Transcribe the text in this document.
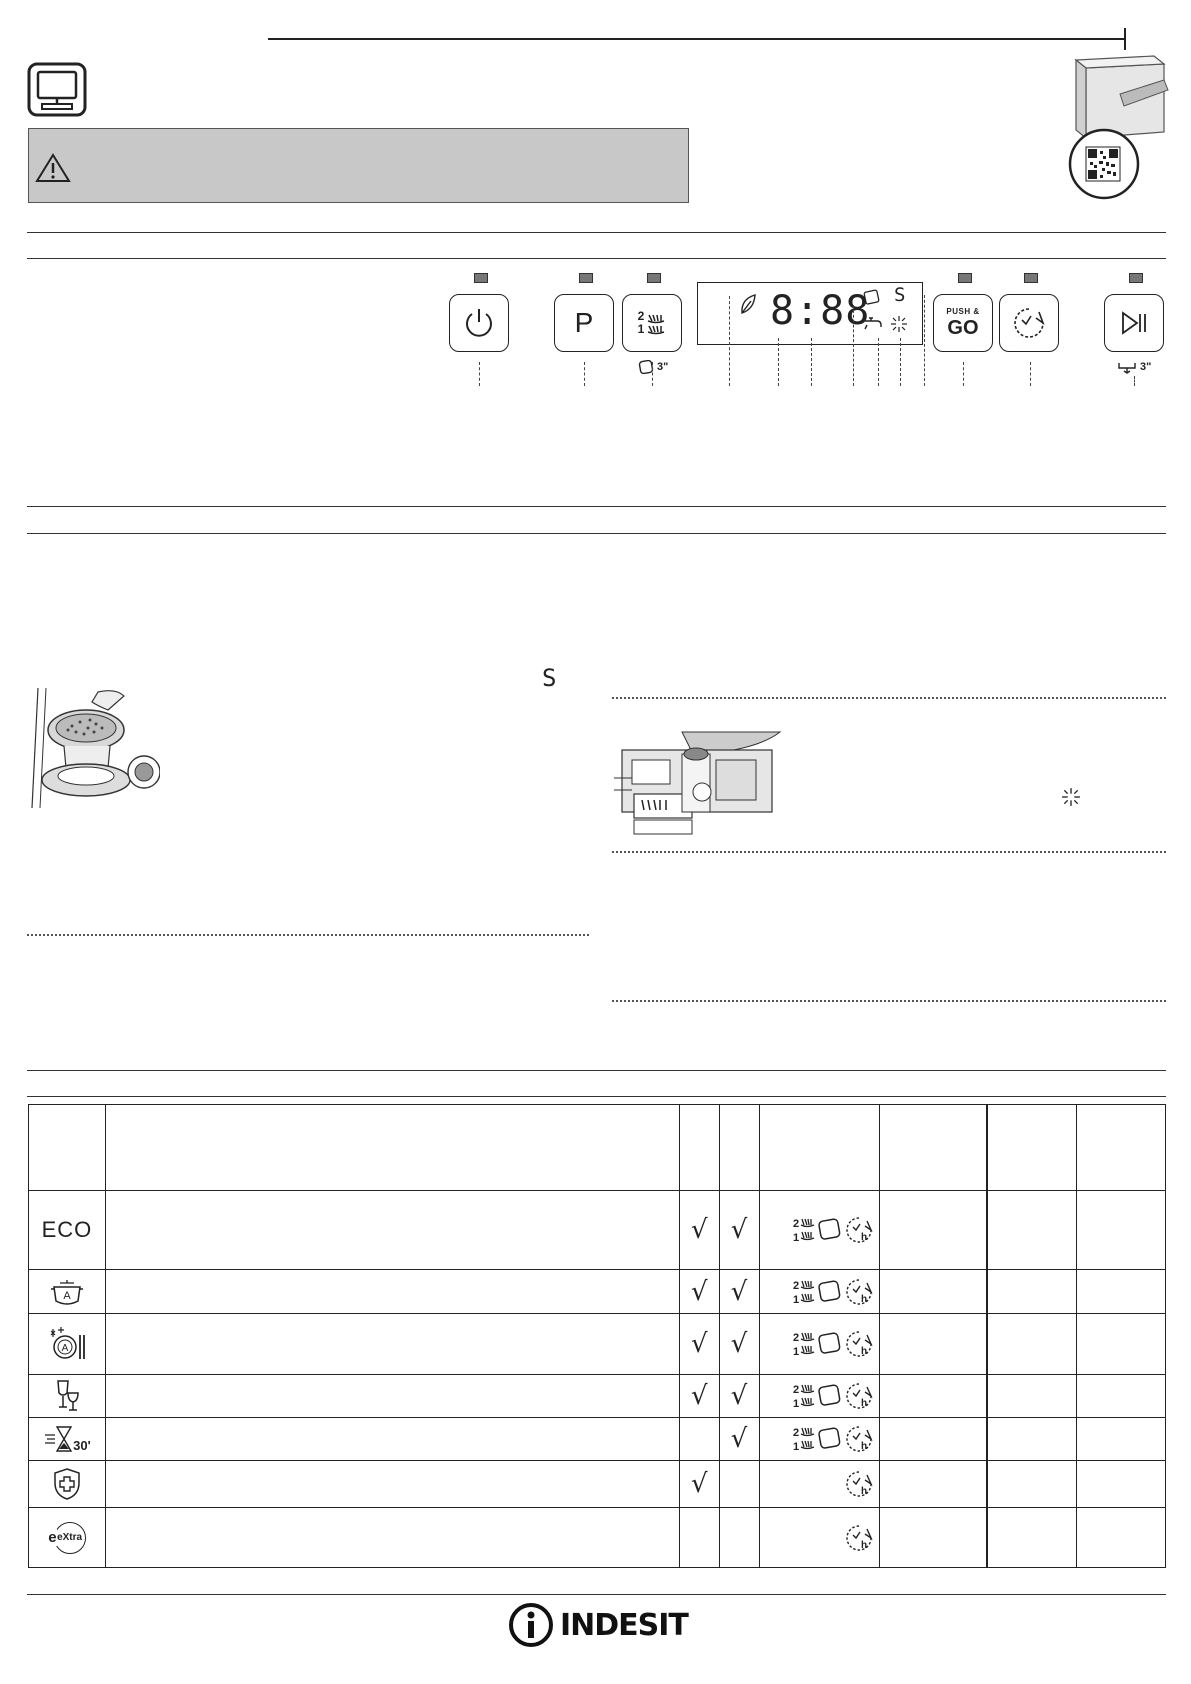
P	2
1
3"
8:88 S
PUSH &
GO
3"
S

ECO		√	√	2
1 h			

A		√	√	2
1 h			

A		√	√	2
1 h			

		√	√	2
1 h			

30'			√	2
1 h			

		√		h			

e eXtra				h			

INDESIT
